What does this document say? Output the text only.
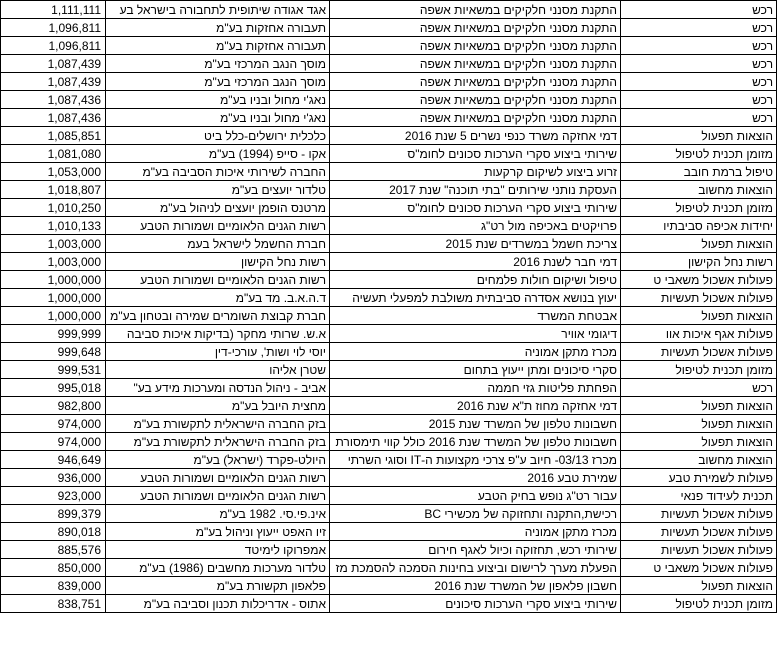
1,111,111	אגד אגודה שיתופית לתחבורה בישראל בע	התקנת מסנני חלקיקים במשאיות אשפה	רכש
1,096,811	תעבורה אחזקות בע"מ	התקנת מסנני חלקיקים במשאיות אשפה	רכש
1,096,811	תעבורה אחזקות בע"מ	התקנת מסנני חלקיקים במשאיות אשפה	רכש
1,087,439	מוסך הנגב המרכזי בע"מ	התקנת מסנני חלקיקים במשאיות אשפה	רכש
1,087,439	מוסך הנגב המרכזי בע"מ	התקנת מסנני חלקיקים במשאיות אשפה	רכש
1,087,436	נאג'י מחול ובניו בע"מ	התקנת מסנני חלקיקים במשאיות אשפה	רכש
1,087,436	נאג'י מחול ובניו בע"מ	התקנת מסנני חלקיקים במשאיות אשפה	רכש
1,085,851	כלכלית ירושלים-כלל ביט	דמי אחזקה משרד כנפי נשרים 5 שנת 2016	הוצאות תפעול
1,081,080	אקו - סייפ (1994) בע"מ	שירותי ביצוע סקרי הערכות סכונים לחומ"ס	מזומן תכנית לטיפול
1,053,000	החברה לשירותי איכות הסביבה בע"מ	זרוע ביצוע לשיקום קרקעות	טיפול ברמת חובב
1,018,807	טלדור יועצים בע"מ	העסקת נותני שירותים "בתי תוכנה" שנת 2017	הוצאות מחשוב
1,010,250	מרטנס הופמן יועצים לניהול בע"מ	שירותי ביצוע סקרי הערכות סכונים לחומ"ס	מזומן תכנית לטיפול
1,010,133	רשות הגנים הלאומיים ושמורות הטבע	פרויקטים באכיפה מול רט"ג	יחידות אכיפה סביבתיו
1,003,000	חברת החשמל לישראל בעמ	צריכת חשמל במשרדים שנת 2015	הוצאות תפעול
1,003,000	רשות נחל הקישון	דמי חבר לשנת 2016	רשות נחל הקישון
1,000,000	רשות הגנים הלאומיים ושמורות הטבע	טיפול ושיקום חולות פלמחים	פעולות אשכול משאבי ט
1,000,000	ד.ה.א.ב. מד בע"מ	יעוץ בנושא אסדרה סביבתית משולבת למפעלי תעשיה	פעולות אשכול תעשיות
1,000,000	חברת קבוצת השומרים שמירה ובטחון בע"מ	אבטחת המשרד	הוצאות תפעול
999,999	א.ש. שרותי מחקר (בדיקות איכות סביבה	דיגומי אוויר	פעולות אגף איכות אוו
999,648	יוסי לוי ושות', עורכי-דין	מכרז מתקן אמוניה	פעולות אשכול תעשיות
999,531	שטרן אליהו	סקרי סיכונים ומתן ייעוץ בתחום	מזומן תכנית לטיפול
995,018	אביב - ניהול הנדסה ומערכות מידע בע"	הפחתת פליטות גזי חממה	רכש
982,800	מחצית היובל בע"מ	דמי אחזקה מחוז ת"א שנת 2016	הוצאות תפעול
974,000	בזק החברה הישראלית לתקשורת בע"מ	חשבונות טלפון של המשרד שנת 2015	הוצאות תפעול
974,000	בזק החברה הישראלית לתקשורת בע"מ	חשבונות טלפון של המשרד שנת 2016 כולל קווי תימסורת	הוצאות תפעול
946,649	היולט-פקרד (ישראל) בע"מ	מכרז 03/13- חיוב ע"פ צרכי מקצועות ה-IT וסוגי השרתי	הוצאות מחשוב
936,000	רשות הגנים הלאומיים ושמורות הטבע	שמירת טבע 2016	פעולות לשמירת טבע
923,000	רשות הגנים הלאומיים ושמורות הטבע	עבור רט"ג נופש בחיק הטבע	תכנית לעידוד פנאי
899,379	אינ.פי.סי. 1982 בע"מ	רכישת,התקנה ותחזוקה של מכשירי BC	פעולות אשכול תעשיות
890,018	זיו האפט ייעוץ וניהול בע"מ	מכרז מתקן אמוניה	פעולות אשכול תעשיות
885,576	אמפרוקו לימיטד	שירותי רכש, תחזוקה וכיול לאגף חירום	פעולות אשכול תעשיות
850,000	טלדור מערכות מחשבים (1986) בע"מ	הפעלת מערך לרישום וביצוע בחינות הסמכה להסמכת מז	פעולות אשכול משאבי ט
839,000	פלאפון תקשורת בע"מ	חשבון פלאפון של המשרד שנת 2016	הוצאות תפעול
838,751	אתוס - אדריכלות תכנון וסביבה בע"מ	שירותי ביצוע סקרי הערכות סיכונים	מזומן תכנית לטיפול
